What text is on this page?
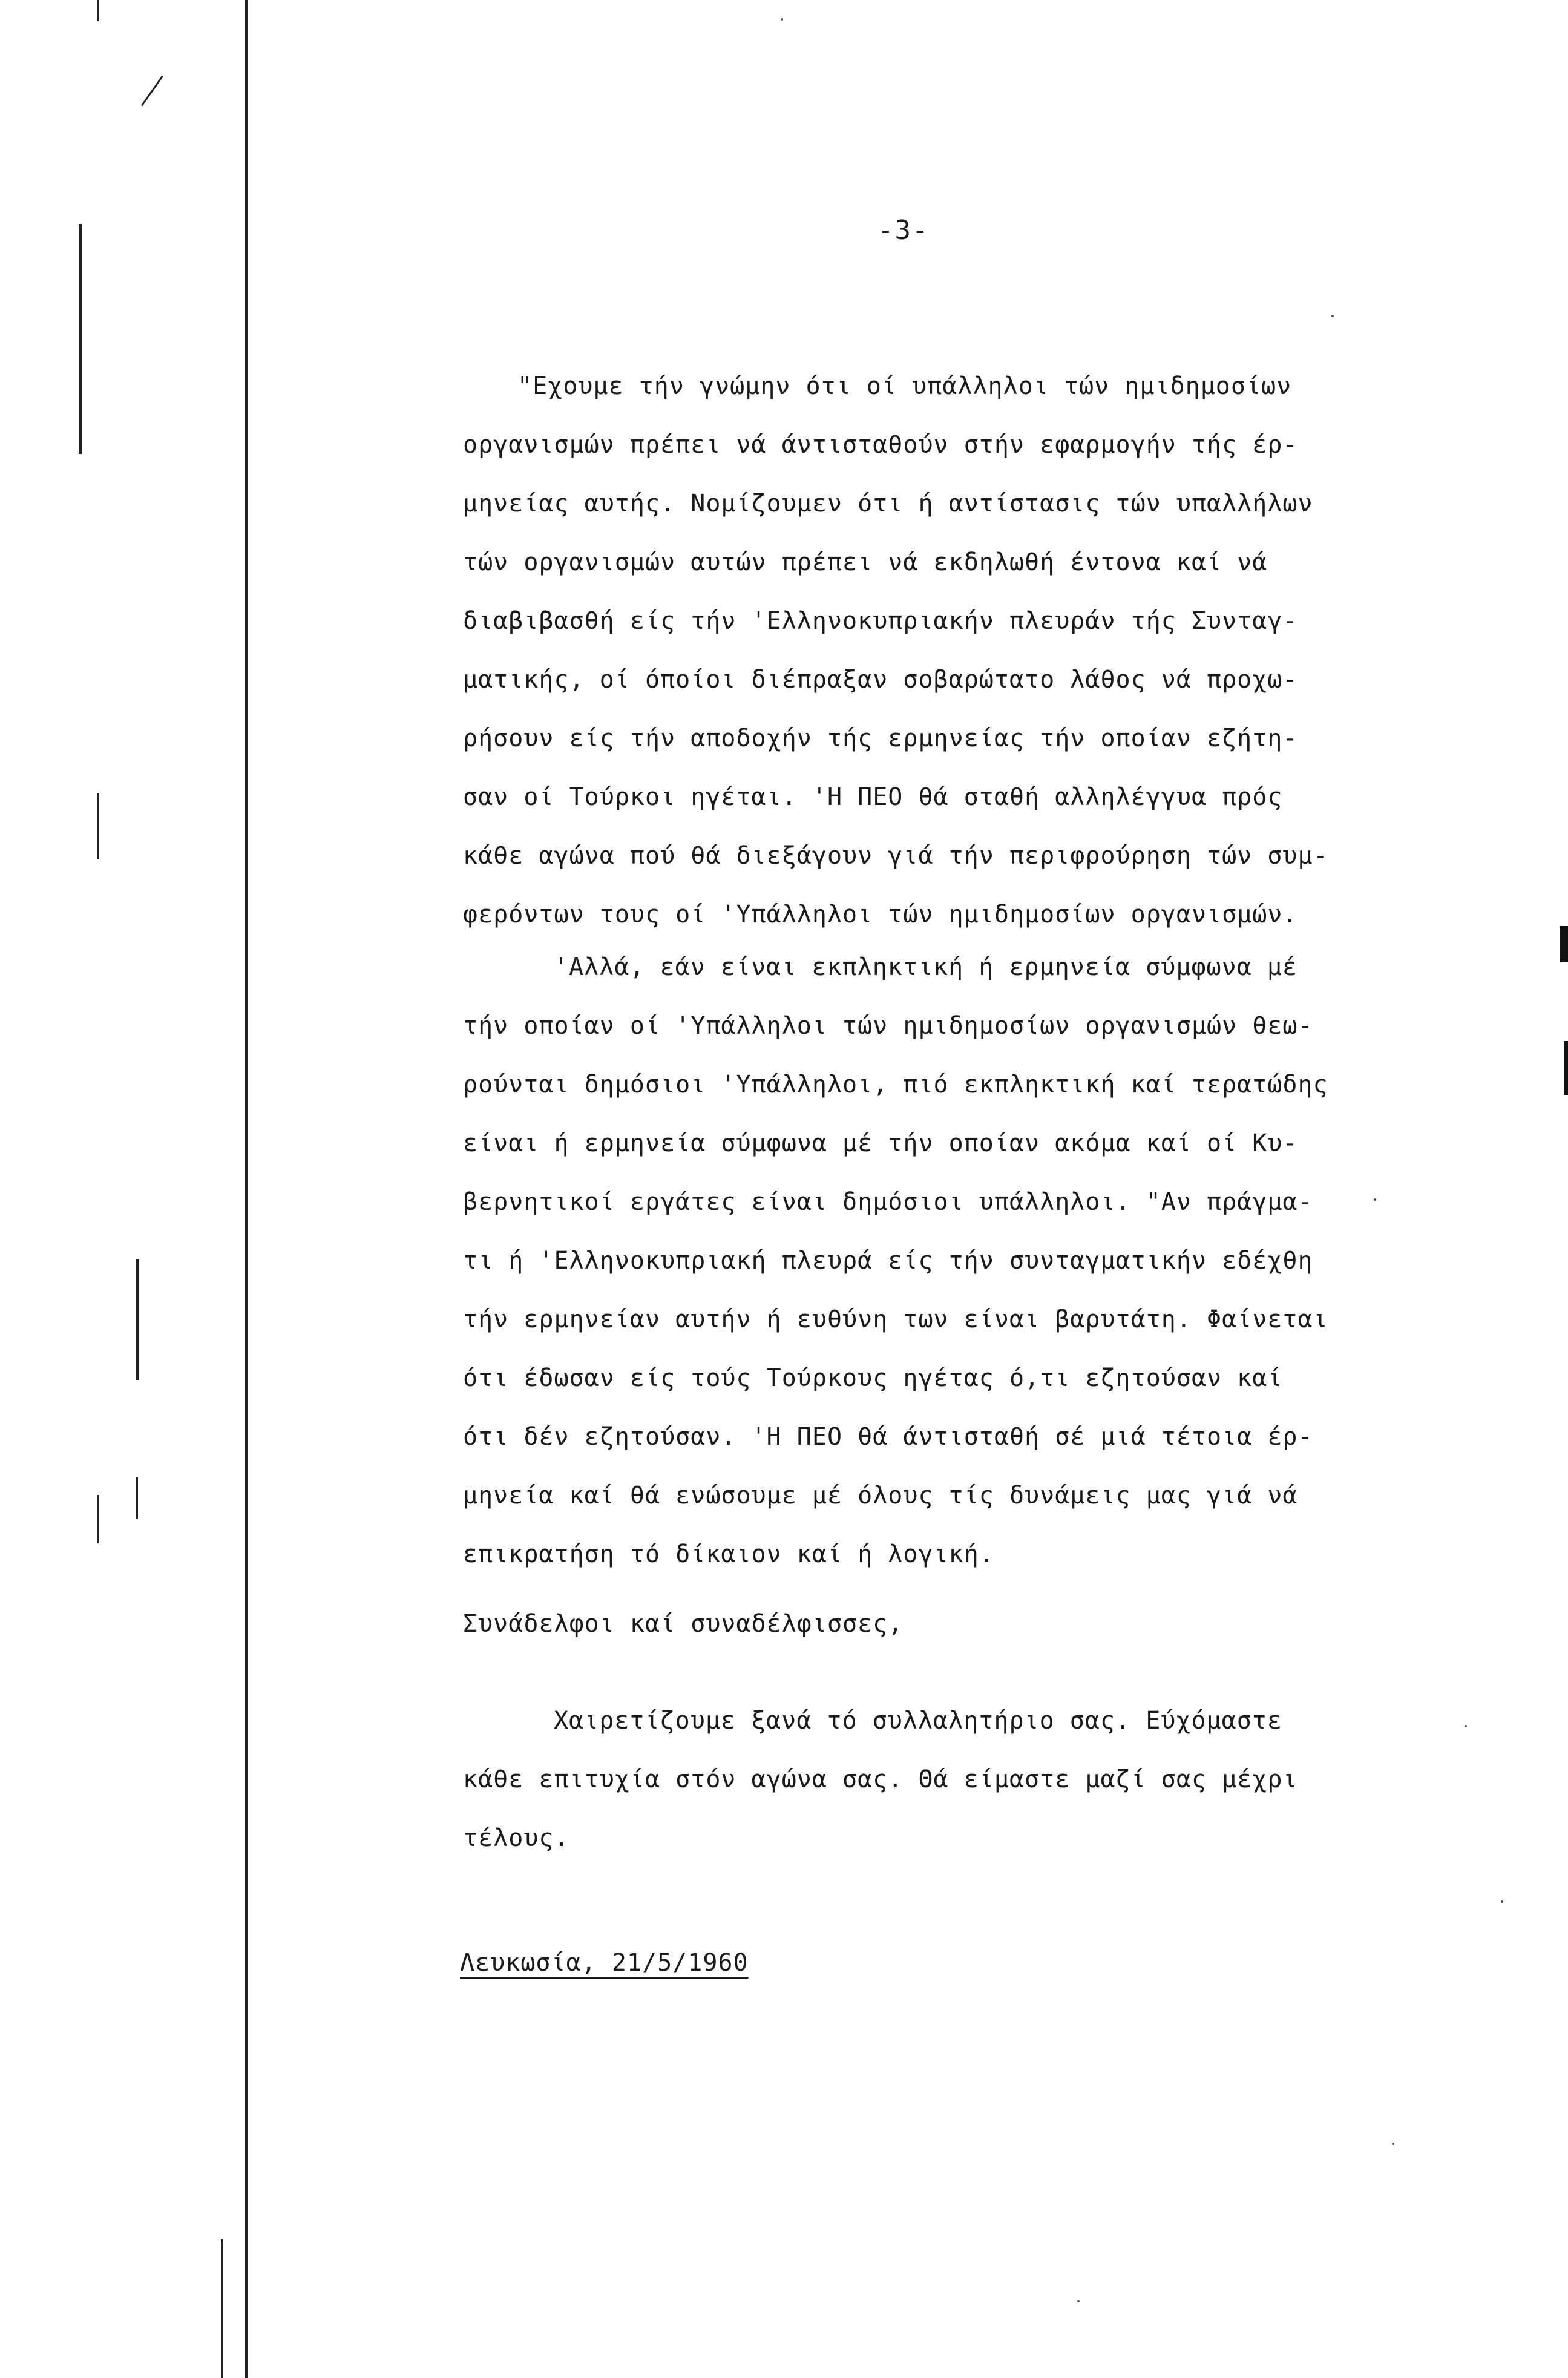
-3-
"Εχουμε τήν γνώμην ότι οί υπάλληλοι τών ημιδημοσίων
οργανισμών πρέπει νά άντισταθούν στήν εφαρμογήν τής έρ-
μηνείας αυτής. Νομίζουμεν ότι ή αντίστασις τών υπαλλήλων
τών οργανισμών αυτών πρέπει νά εκδηλωθή έντονα καί νά
διαβιβασθή είς τήν 'Ελληνοκυπριακήν πλευράν τής Συνταγ-
ματικής, οί όποίοι διέπραξαν σοβαρώτατο λάθος νά προχω-
ρήσουν είς τήν αποδοχήν τής ερμηνείας τήν οποίαν εζήτη-
σαν οί Τούρκοι ηγέται. 'Η ΠΕΟ θά σταθή αλληλέγγυα πρός
κάθε αγώνα πού θά διεξάγουν γιά τήν περιφρούρηση τών συμ-
φερόντων τους οί 'Υπάλληλοι τών ημιδημοσίων οργανισμών.
'Αλλά, εάν είναι εκπληκτική ή ερμηνεία σύμφωνα μέ
τήν οποίαν οί 'Υπάλληλοι τών ημιδημοσίων οργανισμών θεω-
ρούνται δημόσιοι 'Υπάλληλοι, πιό εκπληκτική καί τερατώδης
είναι ή ερμηνεία σύμφωνα μέ τήν οποίαν ακόμα καί οί Κυ-
βερνητικοί εργάτες είναι δημόσιοι υπάλληλοι. "Αν πράγμα-
τι ή 'Ελληνοκυπριακή πλευρά είς τήν συνταγματικήν εδέχθη
τήν ερμηνείαν αυτήν ή ευθύνη των είναι βαρυτάτη. Φαίνεται
ότι έδωσαν είς τούς Τούρκους ηγέτας ό,τι εζητούσαν καί
ότι δέν εζητούσαν. 'Η ΠΕΟ θά άντισταθή σέ μιά τέτοια έρ-
μηνεία καί θά ενώσουμε μέ όλους τίς δυνάμεις μας γιά νά
επικρατήση τό δίκαιον καί ή λογική.
Συνάδελφοι καί συναδέλφισσες,
Χαιρετίζουμε ξανά τό συλλαλητήριο σας. Εύχόμαστε
κάθε επιτυχία στόν αγώνα σας. Θά είμαστε μαζί σας μέχρι
τέλους.
Λευκωσία, 21/5/1960
